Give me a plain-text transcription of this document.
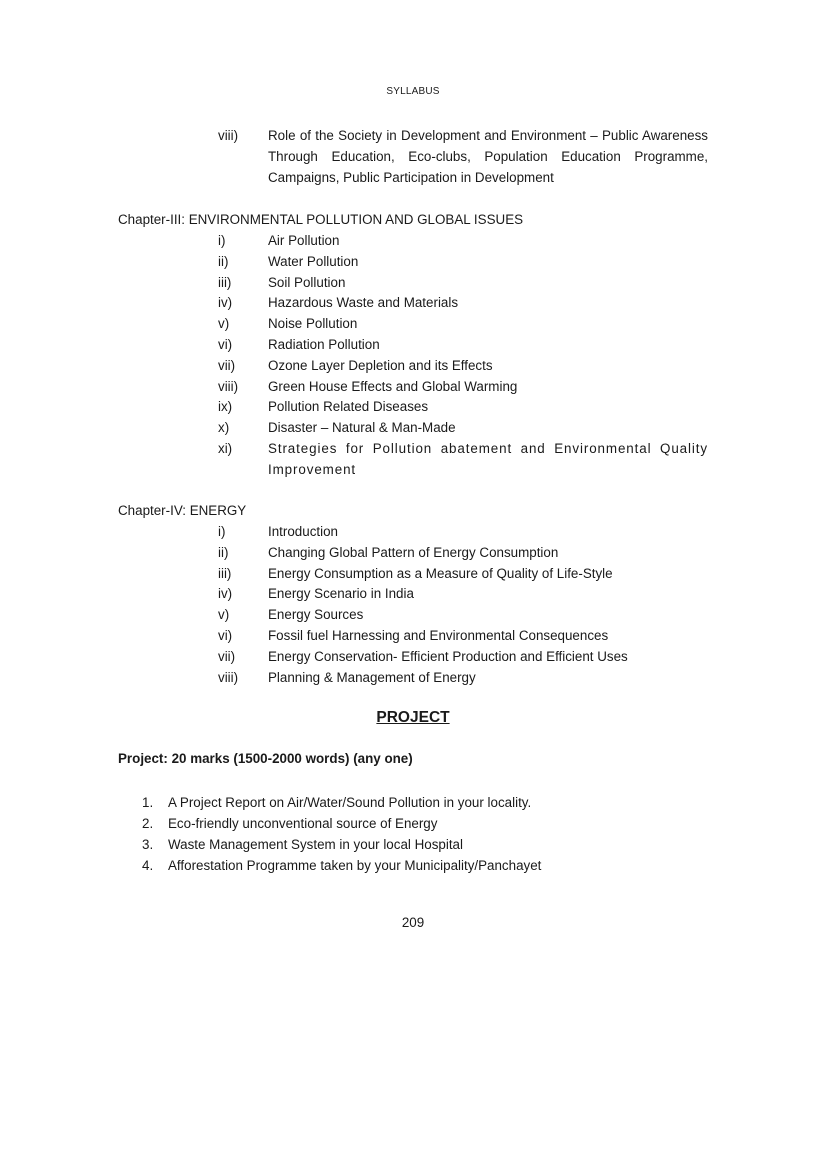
SYLLABUS
viii)	Role of the Society in Development and Environment – Public Awareness Through Education, Eco-clubs, Population Education Programme, Campaigns, Public Participation in Development
Chapter-III: ENVIRONMENTAL POLLUTION AND GLOBAL ISSUES
i)	Air Pollution
ii)	Water Pollution
iii)	Soil Pollution
iv)	Hazardous Waste and Materials
v)	Noise Pollution
vi)	Radiation Pollution
vii)	Ozone Layer Depletion and its Effects
viii)	Green House Effects and Global Warming
ix)	Pollution Related Diseases
x)	Disaster – Natural & Man-Made
xi)	Strategies for Pollution abatement and Environmental Quality Improvement
Chapter-IV: ENERGY
i)	Introduction
ii)	Changing Global Pattern of Energy Consumption
iii)	Energy Consumption as a Measure of Quality of Life-Style
iv)	Energy Scenario in India
v)	Energy Sources
vi)	Fossil fuel Harnessing and Environmental Consequences
vii)	Energy Conservation- Efficient Production and Efficient Uses
viii)	Planning & Management of Energy
PROJECT
Project: 20 marks (1500-2000 words) (any one)
1.	A Project Report on Air/Water/Sound Pollution in your locality.
2.	Eco-friendly unconventional source of Energy
3.	Waste Management System in your local Hospital
4.	Afforestation Programme taken by your Municipality/Panchayet
209
